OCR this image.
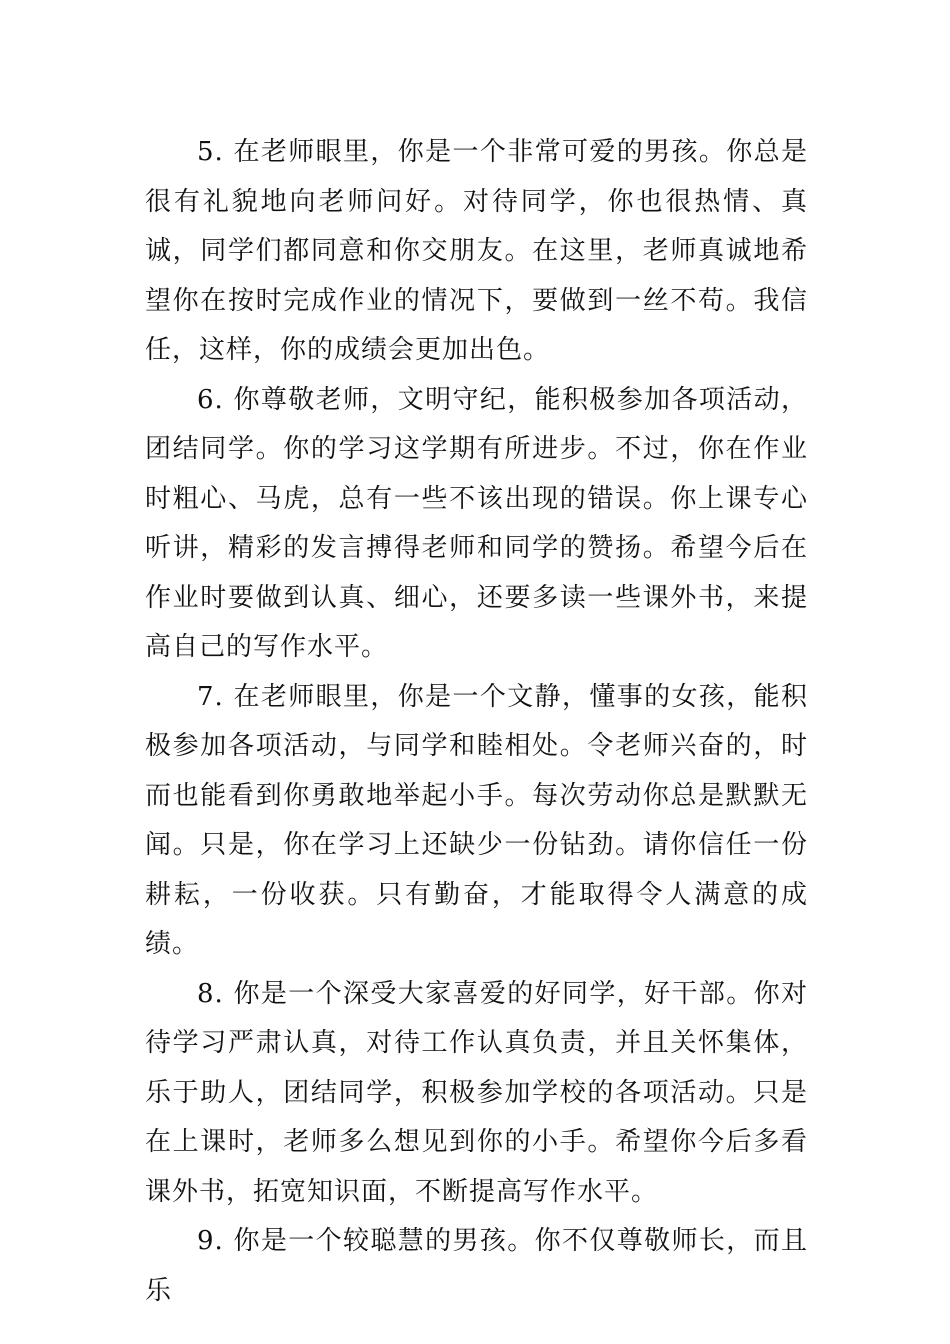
5. 在老师眼里，你是一个非常可爱的男孩。你总是很有礼貌地向老师问好。对待同学，你也很热情、真诚，同学们都同意和你交朋友。在这里，老师真诚地希望你在按时完成作业的情况下，要做到一丝不苟。我信任，这样，你的成绩会更加出色。

6. 你尊敬老师，文明守纪，能积极参加各项活动，团结同学。你的学习这学期有所进步。不过，你在作业时粗心、马虎，总有一些不该出现的错误。你上课专心听讲，精彩的发言搏得老师和同学的赞扬。希望今后在作业时要做到认真、细心，还要多读一些课外书，来提高自己的写作水平。

7. 在老师眼里，你是一个文静，懂事的女孩，能积极参加各项活动，与同学和睦相处。令老师兴奋的，时而也能看到你勇敢地举起小手。每次劳动你总是默默无闻。只是，你在学习上还缺少一份钻劲。请你信任一份耕耘，一份收获。只有勤奋，才能取得令人满意的成绩。

8. 你是一个深受大家喜爱的好同学，好干部。你对待学习严肃认真，对待工作认真负责，并且关怀集体，乐于助人，团结同学，积极参加学校的各项活动。只是在上课时，老师多么想见到你的小手。希望你今后多看课外书，拓宽知识面，不断提高写作水平。

9. 你是一个较聪慧的男孩。你不仅尊敬师长，而且乐
